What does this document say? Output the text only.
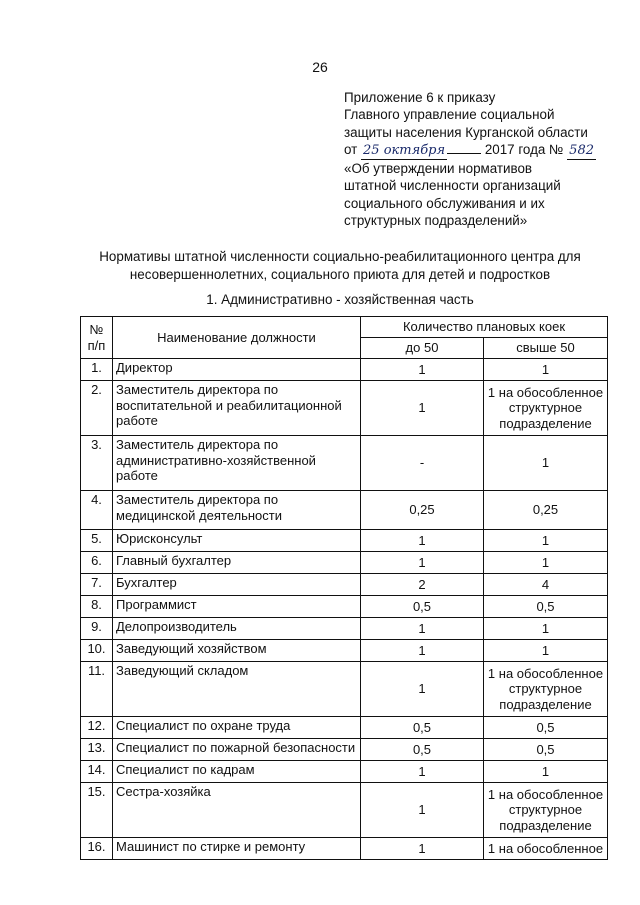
26
Приложение 6 к приказу
Главного управление социальной
защиты населения Курганской области
от 25 октября	2017 года № 582
«Об утверждении нормативов
штатной численности организаций
социального обслуживания и их
структурных подразделений»
Нормативы штатной численности социально-реабилитационного центра для
несовершеннолетних, социального приюта для детей и подростков
1. Административно - хозяйственная часть
№ п/п	Наименование должности	Количество плановых коек	
		до 50	свыше 50
1.	Директор	1	1
2.	Заместитель директора по воспитательной и реабилитационной работе	1	1 на обособленное структурное подразделение
3.	Заместитель директора по административно-хозяйственной работе	-	1
4.	Заместитель директора по медицинской деятельности	0,25	0,25
5.	Юрисконсульт	1	1
6.	Главный бухгалтер	1	1
7.	Бухгалтер	2	4
8.	Программист	0,5	0,5
9.	Делопроизводитель	1	1
10.	Заведующий хозяйством	1	1
11.	Заведующий складом	1	1 на обособленное структурное подразделение
12.	Специалист по охране труда	0,5	0,5
13.	Специалист по пожарной безопасности	0,5	0,5
14.	Специалист по кадрам	1	1
15.	Сестра-хозяйка	1	1 на обособленное структурное подразделение
16.	Машинист по стирке и ремонту	1	1 на обособленное
